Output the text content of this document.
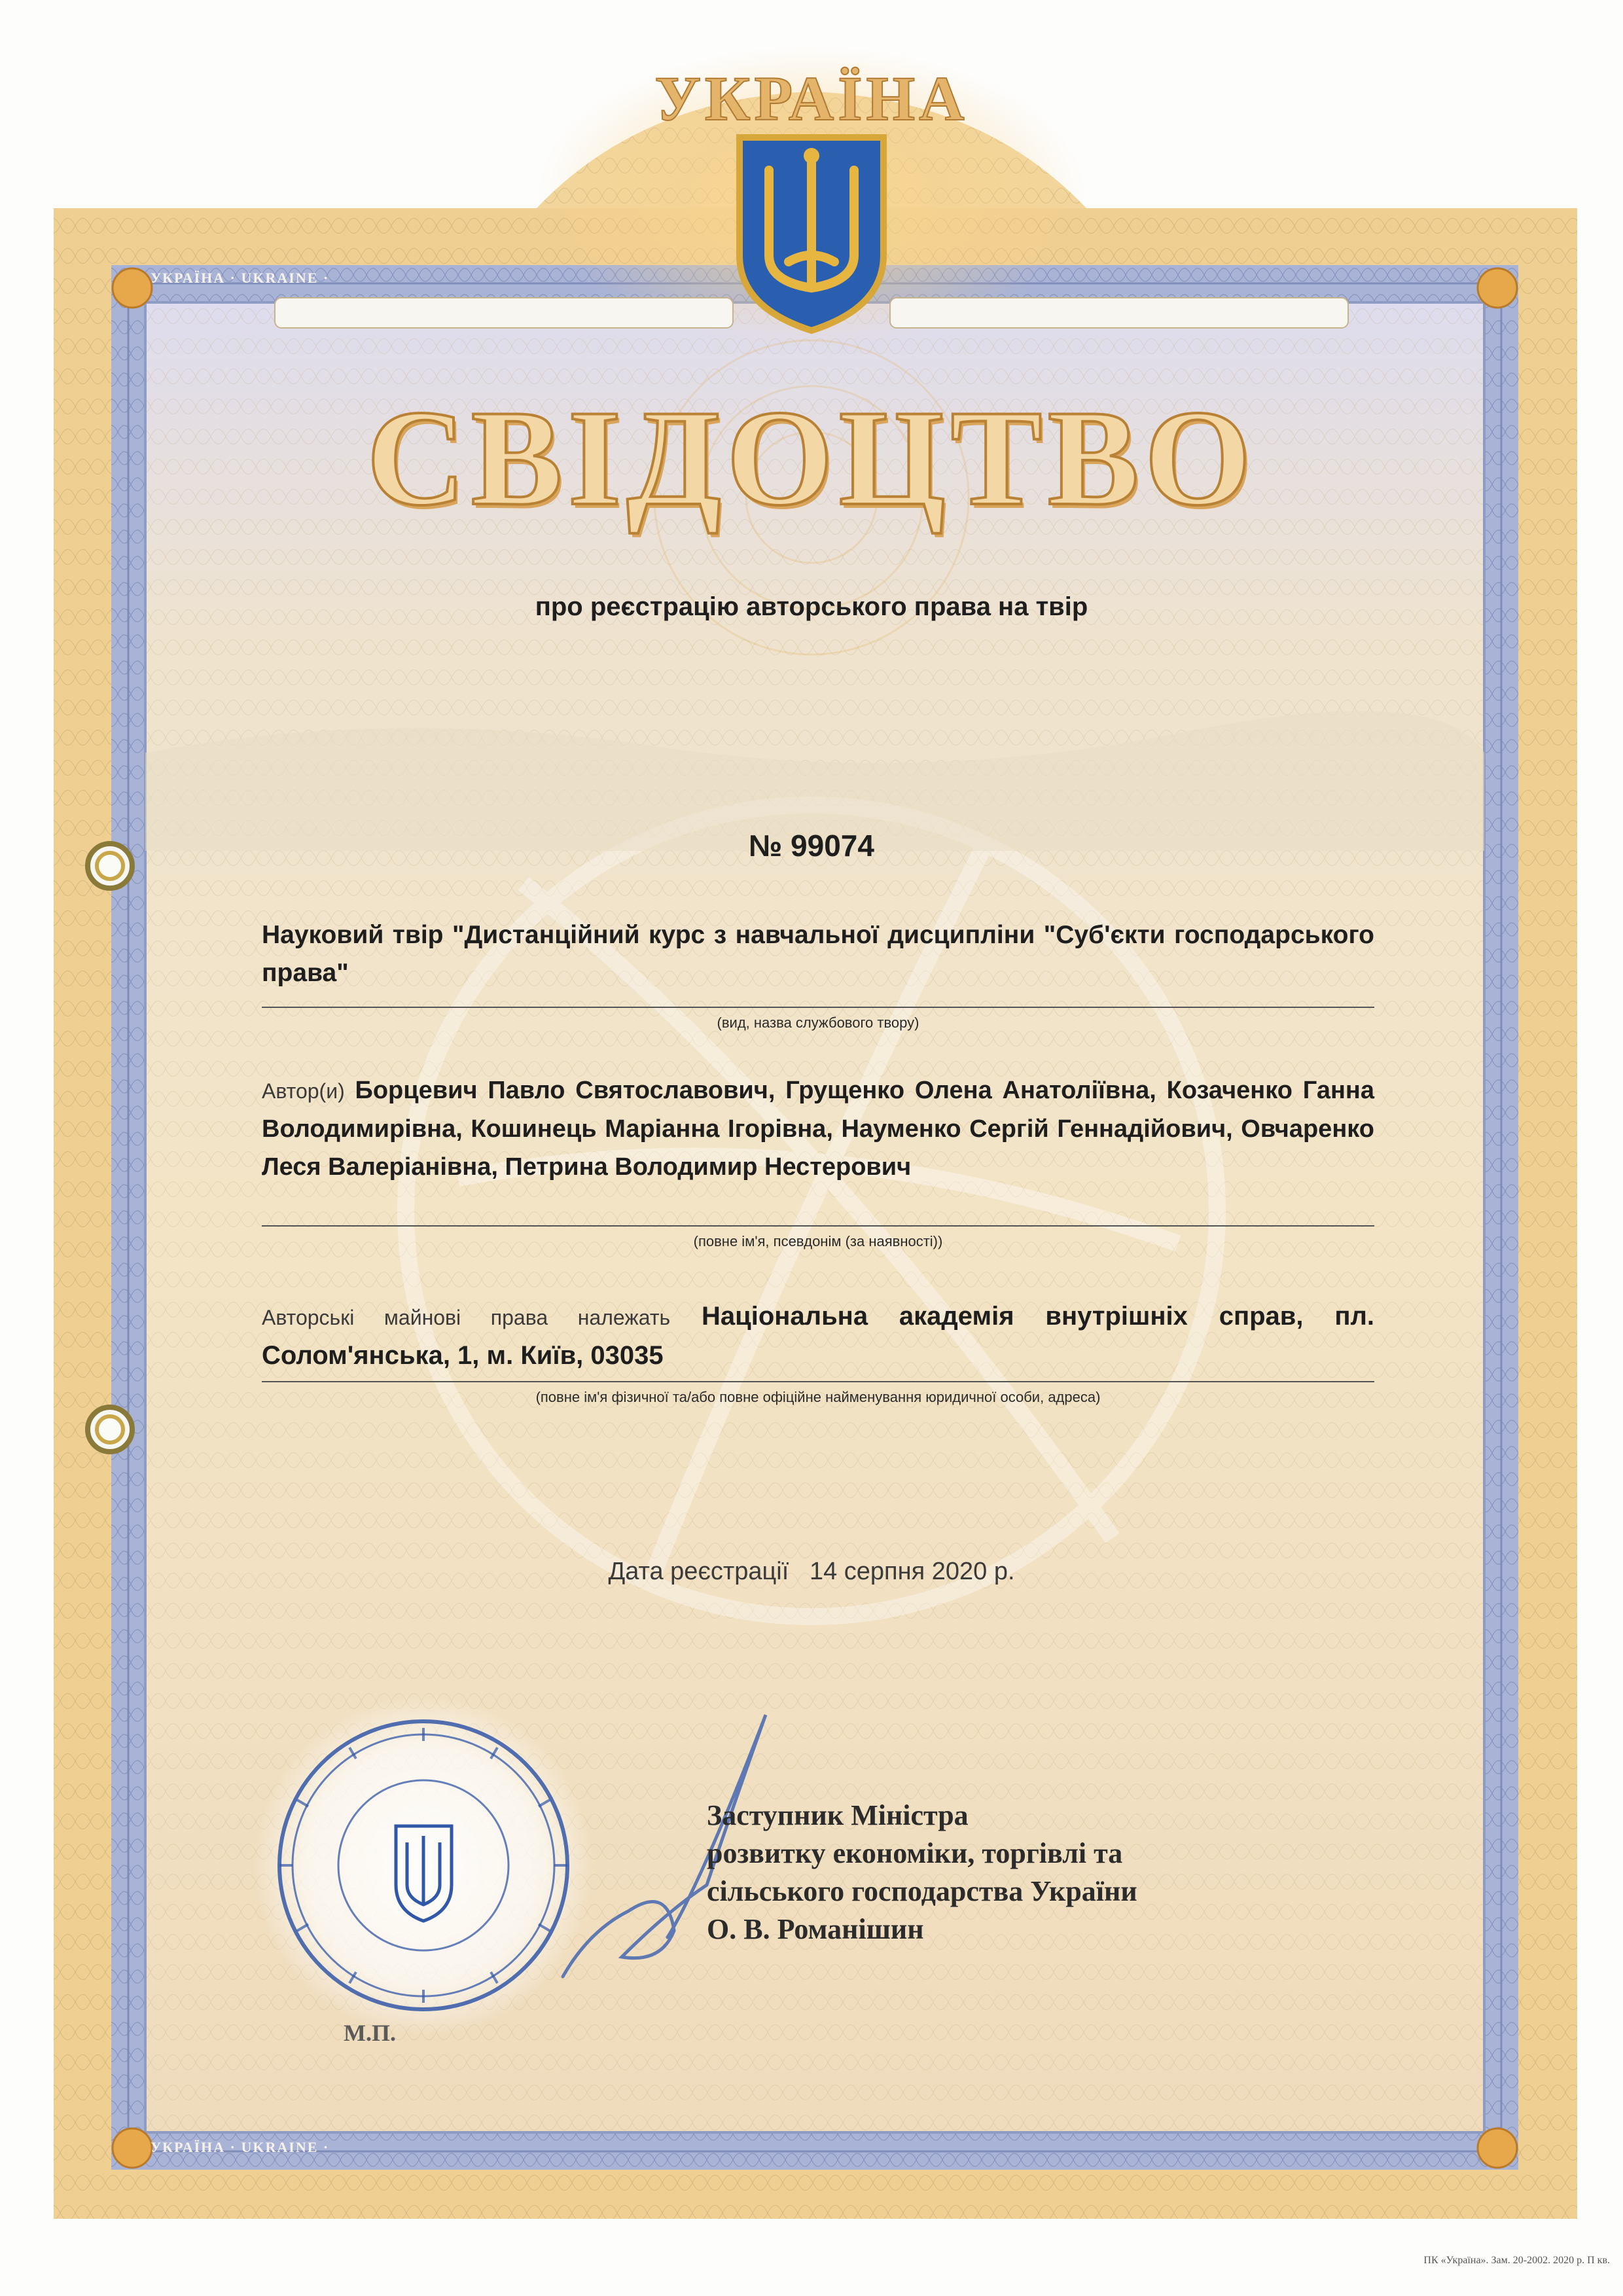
УКРАЇНА
СВІДОЦТВО
про реєстрацію авторського права на твір
УКРАЇНА · UKRAINE ·
УКРАЇНА · UKRAINE ·
№ 99074
Науковий твір "Дистанційний курс з навчальної дисципліни "Суб'єкти господарського права"
(вид, назва службового твору)
Автор(и) Борцевич Павло Святославович, Грущенко Олена Анатоліївна, Козаченко Ганна Володимирівна, Кошинець Маріанна Ігорівна, Науменко Сергій Геннадійович, Овчаренко Леся Валеріанівна, Петрина Володимир Нестерович
(повне ім'я, псевдонім (за наявності))
Авторські майнові права належать Національна академія внутрішніх справ, пл. Солом'янська, 1, м. Київ, 03035
(повне ім'я фізичної та/або повне офіційне найменування юридичної особи, адреса)
Дата реєстрації 14 серпня 2020 р.
Заступник Міністра
розвитку економіки, торгівлі та
сільського господарства України
О. В. Романішин
М.П.
ПК «Україна». Зам. 20-2002. 2020 р. П кв.
